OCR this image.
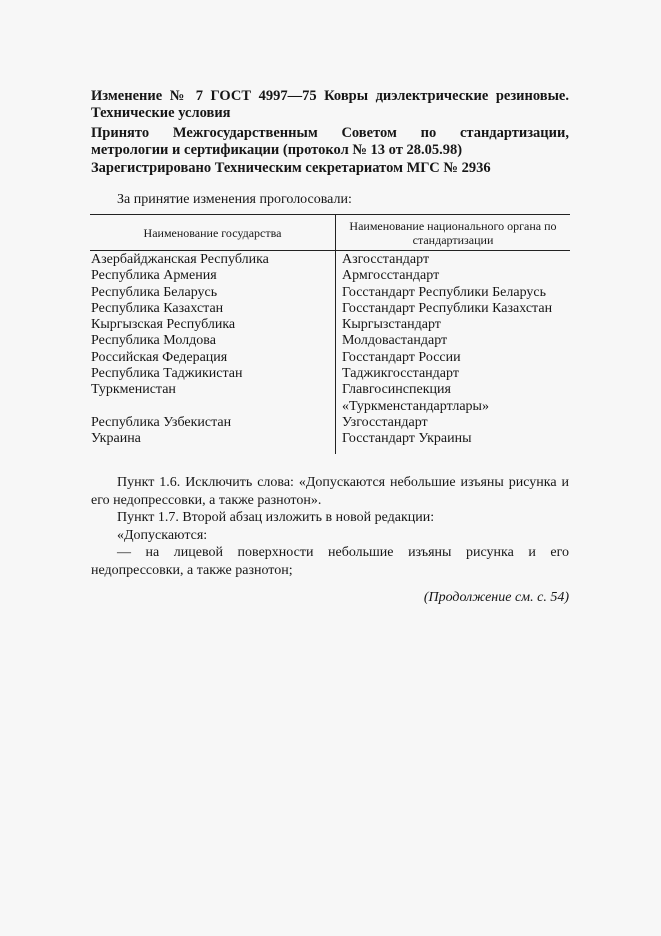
Изменение № 7 ГОСТ 4997—75 Ковры диэлектрические резиновые. Технические условия
Принято Межгосударственным Советом по стандартизации, метрологии и сертификации (протокол № 13 от 28.05.98)
Зарегистрировано Техническим секретариатом МГС № 2936
За принятие изменения проголосовали:
Наименование государства	Наименование национального органа по стандартизации
Азербайджанская Республика	Азгосстандарт
Республика Армения	Армгосстандарт
Республика Беларусь	Госстандарт Республики Беларусь
Республика Казахстан	Госстандарт Республики Казахстан
Кыргызская Республика	Кыргызстандарт
Республика Молдова	Молдовастандарт
Российская Федерация	Госстандарт России
Республика Таджикистан	Таджикгосстандарт
Туркменистан	Главгосинспекция «Туркменстандартлары»
Республика Узбекистан	Узгосстандарт
Украина	Госстандарт Украины

Пункт 1.6. Исключить слова: «Допускаются небольшие изъяны рисунка и его недопрессовки, а также разнотон».

Пункт 1.7. Второй абзац изложить в новой редакции:

«Допускаются:

— на лицевой поверхности небольшие изъяны рисунка и его недопрессовки, а также разнотон;

(Продолжение см. с. 54)
